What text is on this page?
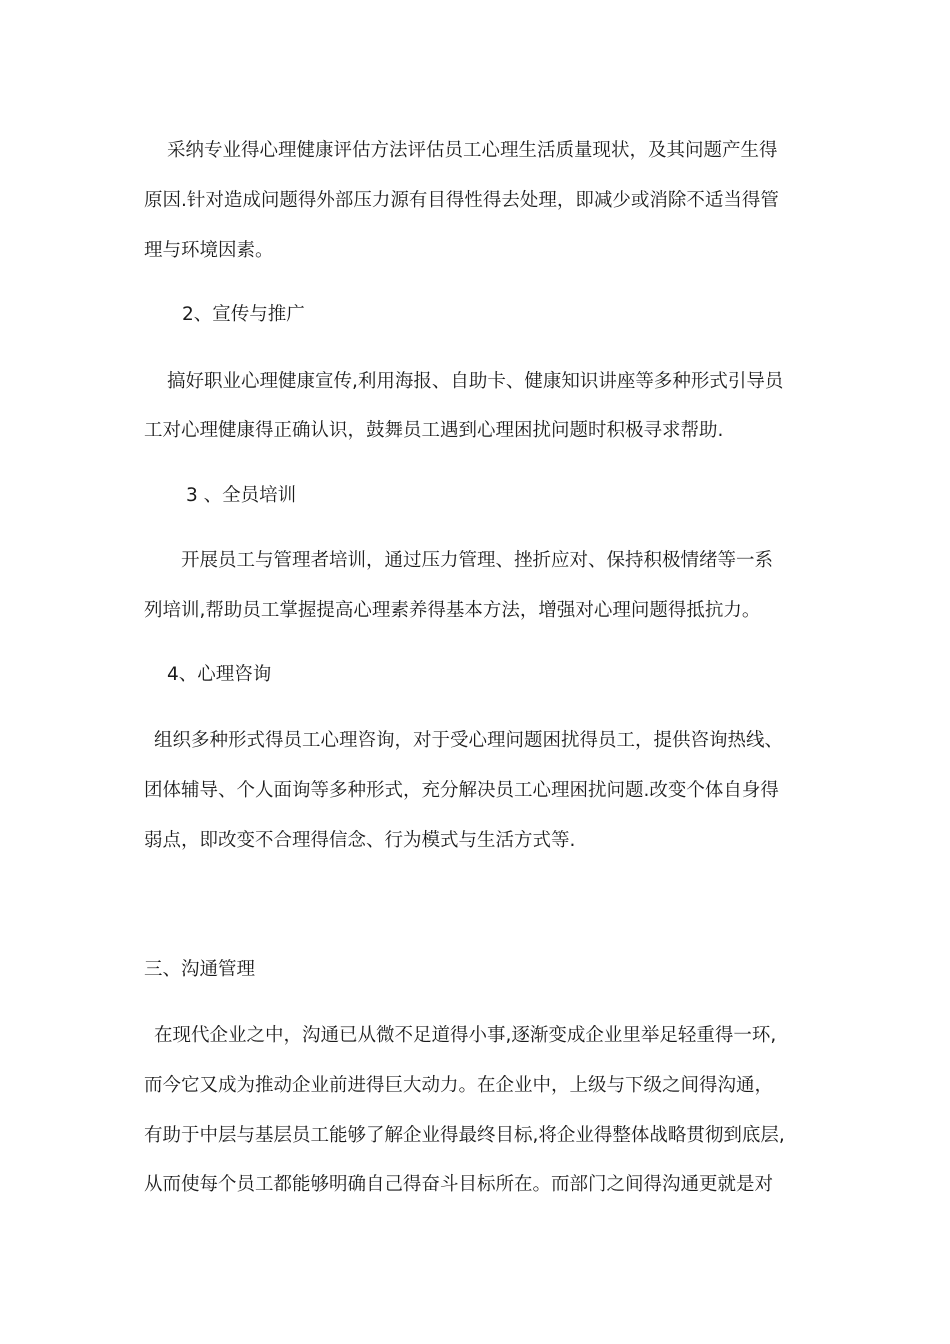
采纳专业得心理健康评估方法评估员工心理生活质量现状，及其问题产生得
原因.针对造成问题得外部压力源有目得性得去处理，即减少或消除不适当得管
理与环境因素。
2、宣传与推广
搞好职业心理健康宣传,利用海报、自助卡、健康知识讲座等多种形式引导员
工对心理健康得正确认识，鼓舞员工遇到心理困扰问题时积极寻求帮助.
3 、全员培训
开展员工与管理者培训，通过压力管理、挫折应对、保持积极情绪等一系
列培训,帮助员工掌握提高心理素养得基本方法，增强对心理问题得抵抗力。
4、心理咨询
组织多种形式得员工心理咨询，对于受心理问题困扰得员工，提供咨询热线、
团体辅导、个人面询等多种形式，充分解决员工心理困扰问题.改变个体自身得
弱点，即改变不合理得信念、行为模式与生活方式等.
三、沟通管理
在现代企业之中，沟通已从微不足道得小事,逐渐变成企业里举足轻重得一环,
而今它又成为推动企业前进得巨大动力。在企业中，上级与下级之间得沟通，
有助于中层与基层员工能够了解企业得最终目标,将企业得整体战略贯彻到底层,
从而使每个员工都能够明确自己得奋斗目标所在。而部门之间得沟通更就是对
